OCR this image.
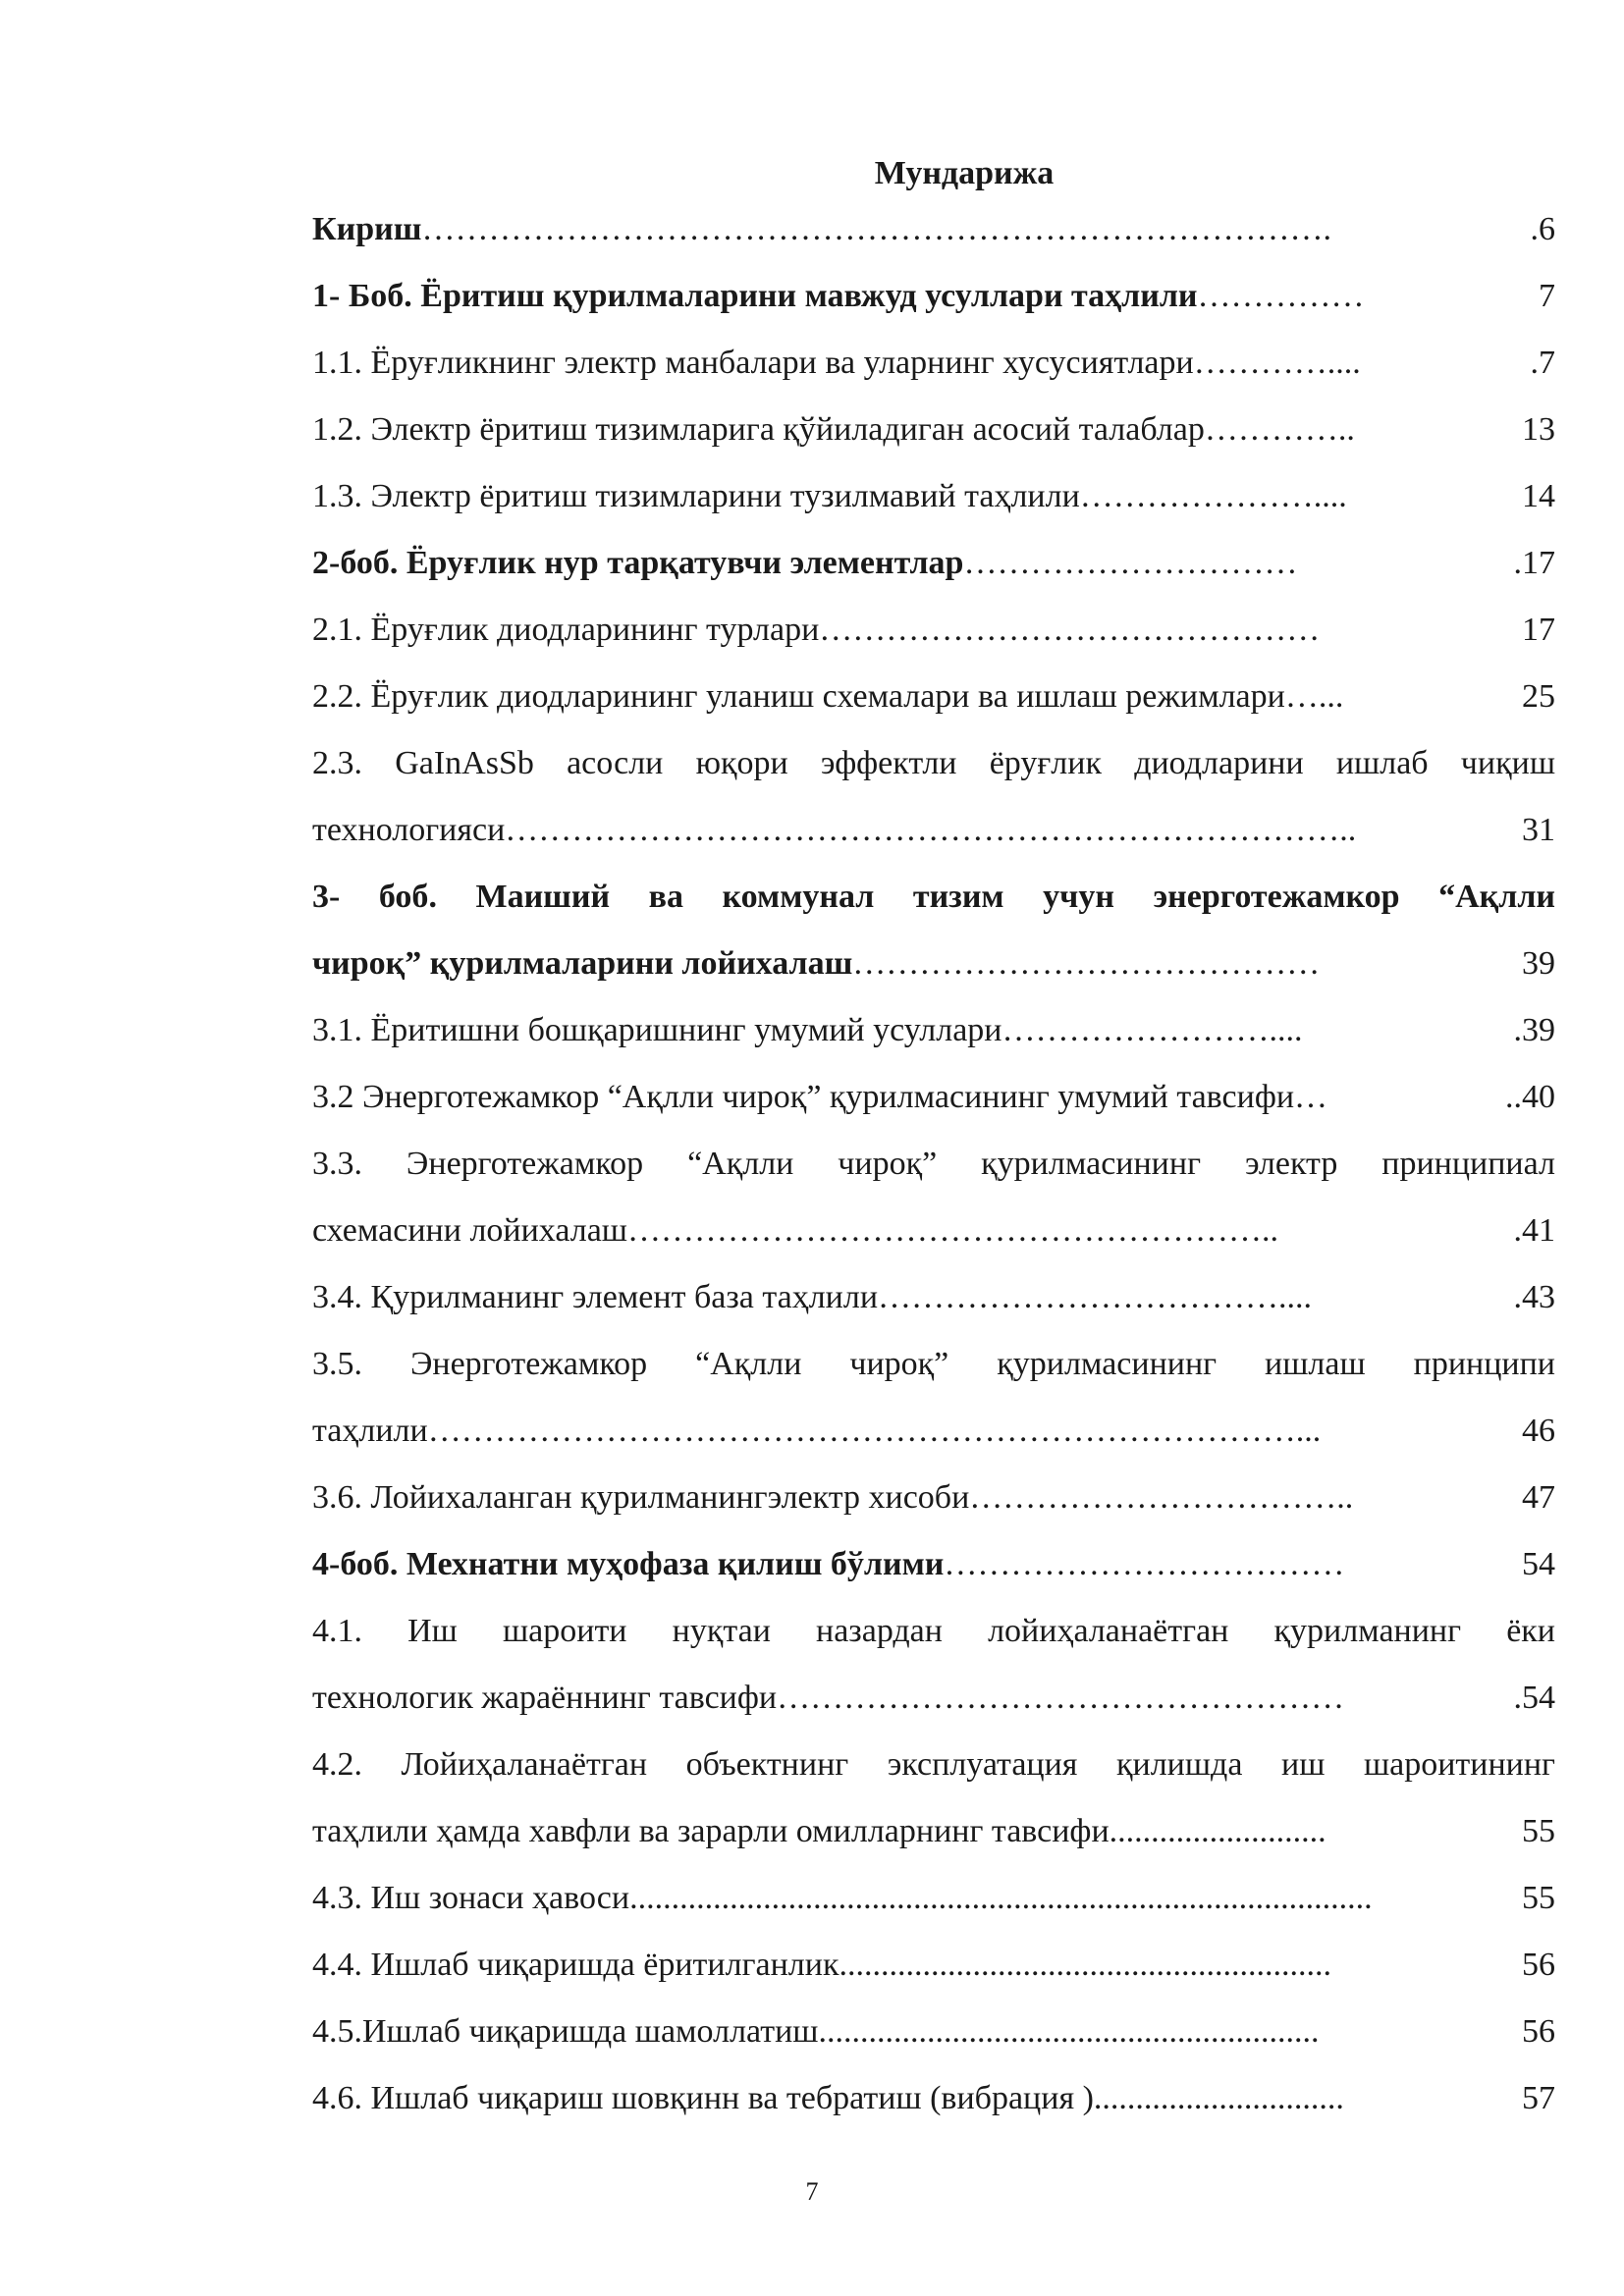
Мундарижа
Кириш ……………………………………………………………………….	.6
1- Боб. Ёритиш қурилмаларини мавжуд усуллари таҳлили ……………	7
1.1. Ёруғликнинг электр манбалари ва уларнинг хусусиятлари …………....	.7
1.2. Электр ёритиш тизимларига қўйиладиган асосий талаблар …………..	13
1.3. Электр ёритиш тизимларини тузилмавий таҳлили …………………....	14
2-боб. Ёруғлик нур тарқатувчи элементлар …………………………	.17
2.1. Ёруғлик диодларининг турлари ………………………………………	17
2.2. Ёруғлик диодларининг уланиш схемалари ва ишлаш режимлари …...	25
2.3. GaInAsSb асосли юқори эффектли ёруғлик диодларини ишлаб чиқиш
технологияси …………………………………………………………………..	31
3- боб. Маиший ва коммунал тизим учун энерготежамкор “Ақлли
чироқ” қурилмаларини лойихалаш ……………………………………	39
3.1. Ёритишни бошқаришнинг умумий усуллари ……………………....	.39
3.2 Энерготежамкор “Ақлли чироқ” қурилмасининг умумий тавсифи …	..40
3.3. Энерготежамкор “Ақлли чироқ” қурилмасининг электр принципиал
схемасини лойихалаш …………………………………………………..	.41
3.4. Қурилманинг элемент база таҳлили ………………………………....	.43
3.5. Энерготежамкор “Ақлли чироқ” қурилмасининг ишлаш принципи
таҳлили ……………………………………………………………………...	46
3.6. Лойихаланган қурилманингэлектр хисоби ……………………………..	47
4-боб. Мехнатни муҳофаза қилиш бўлими ………………………………	54
4.1. Иш шароити нуқтаи назардан лойиҳаланаётган қурилманинг ёки
технологик жараённинг тавсифи ……………………………………………	.54
4.2. Лойиҳаланаётган объектнинг эксплуатация қилишда иш шароитининг
таҳлили ҳамда хавфли ва зарарли омилларнинг тавсифи ..........................	55
4.3. Иш зонаси ҳавоси .........................................................................................	55
4.4. Ишлаб чиқаришда ёритилганлик ...........................................................	56
4.5.Ишлаб чиқаришда шамоллатиш ............................................................	56
4.6. Ишлаб чиқариш шовқинн ва тебратиш (вибрация ) ..............................	57
7
